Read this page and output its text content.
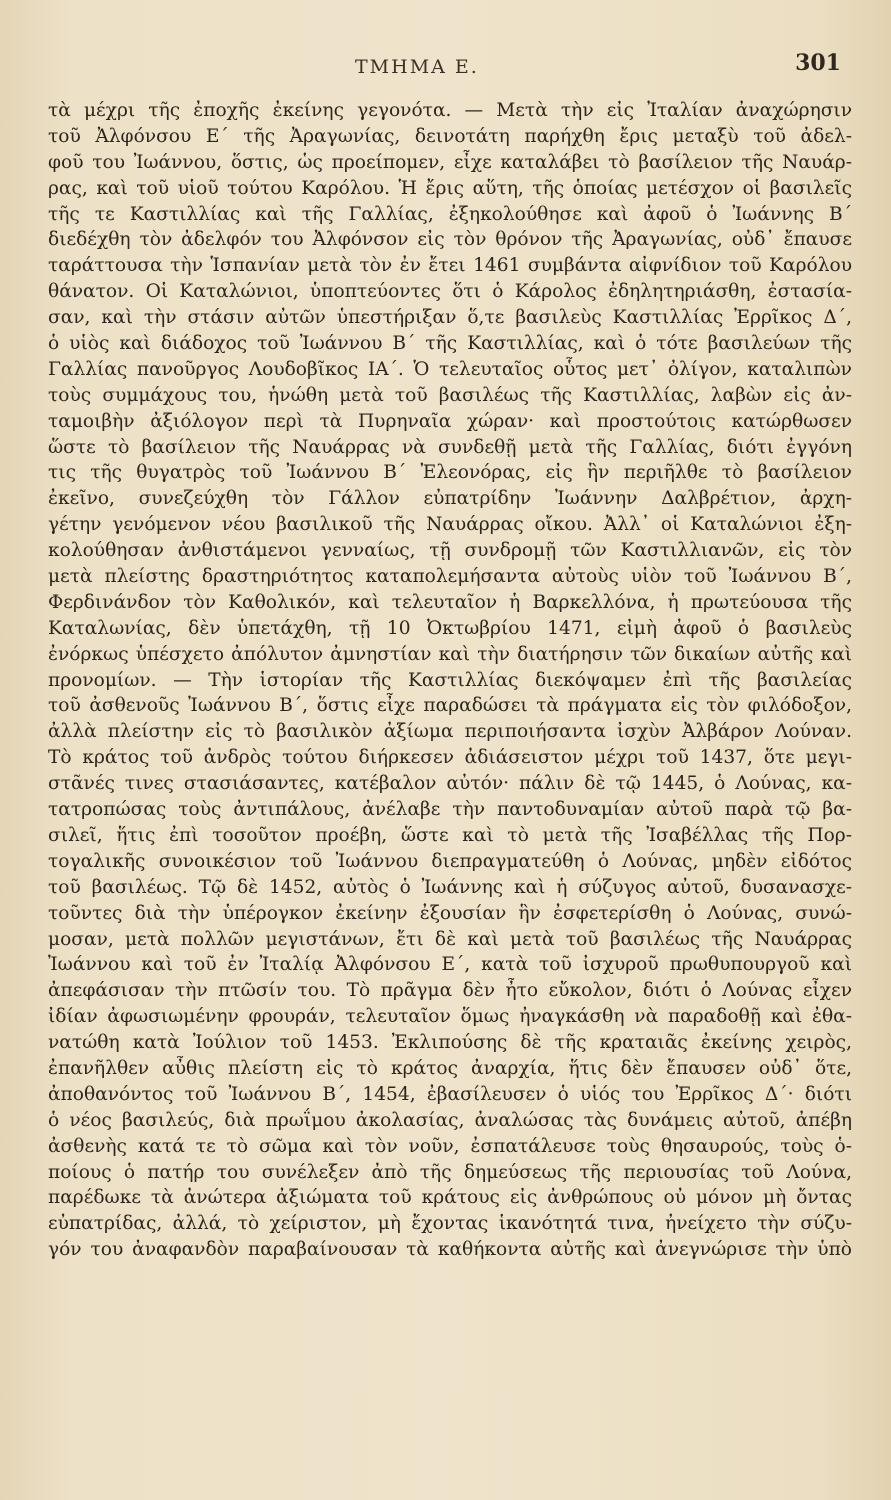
ΤΜΗΜΑ Ε.	301
τὰ μέχρι τῆς ἐποχῆς ἐκείνης γεγονότα. — Μετὰ τὴν εἰς Ἰταλίαν ἀναχώρησιν
τοῦ Ἀλφόνσου Ε΄ τῆς Ἀραγωνίας, δεινοτάτη παρήχθη ἔρις μεταξὺ τοῦ ἀδελ-
φοῦ του Ἰωάννου, ὅστις, ὡς προείπομεν, εἶχε καταλάβει τὸ βασίλειον τῆς Ναυάρ-
ρας, καὶ τοῦ υἱοῦ τούτου Καρόλου. Ἡ ἔρις αὕτη, τῆς ὁποίας μετέσχον οἱ βασιλεῖς
τῆς τε Καστιλλίας καὶ τῆς Γαλλίας, ἐξηκολούθησε καὶ ἀφοῦ ὁ Ἰωάννης Β΄
διεδέχθη τὸν ἀδελφόν του Ἀλφόνσον εἰς τὸν θρόνον τῆς Ἀραγωνίας, οὐδ᾽ ἔπαυσε
ταράττουσα τὴν Ἱσπανίαν μετὰ τὸν ἐν ἔτει 1461 συμβάντα αἰφνίδιον τοῦ Καρόλου
θάνατον. Οἱ Καταλώνιοι, ὑποπτεύοντες ὅτι ὁ Κάρολος ἐδηλητηριάσθη, ἐστασία-
σαν, καὶ τὴν στάσιν αὐτῶν ὑπεστήριξαν ὅ,τε βασιλεὺς Καστιλλίας Ἐρρῖκος Δ΄,
ὁ υἱὸς καὶ διάδοχος τοῦ Ἰωάννου Β΄ τῆς Καστιλλίας, καὶ ὁ τότε βασιλεύων τῆς
Γαλλίας πανοῦργος Λουδοβῖκος ΙΑ΄. Ὁ τελευταῖος οὗτος μετ᾽ ὀλίγον, καταλιπὼν
τοὺς συμμάχους του, ἡνώθη μετὰ τοῦ βασιλέως τῆς Καστιλλίας, λαβὼν εἰς ἀν-
ταμοιβὴν ἀξιόλογον περὶ τὰ Πυρηναῖα χώραν· καὶ προστούτοις κατώρθωσεν
ὥστε τὸ βασίλειον τῆς Ναυάρρας νὰ συνδεθῇ μετὰ τῆς Γαλλίας, διότι ἐγγόνη
τις τῆς θυγατρὸς τοῦ Ἰωάννου Β΄ Ἐλεονόρας, εἰς ἣν περιῆλθε τὸ βασίλειον
ἐκεῖνο, συνεζεύχθη τὸν Γάλλον εὐπατρίδην Ἰωάννην Δαλβρέτιον, ἀρχη-
γέτην γενόμενον νέου βασιλικοῦ τῆς Ναυάρρας οἴκου. Ἀλλ᾽ οἱ Καταλώνιοι ἐξη-
κολούθησαν ἀνθιστάμενοι γενναίως, τῇ συνδρομῇ τῶν Καστιλλιανῶν, εἰς τὸν
μετὰ πλείστης δραστηριότητος καταπολεμήσαντα αὐτοὺς υἱὸν τοῦ Ἰωάννου Β΄,
Φερδινάνδον τὸν Καθολικόν, καὶ τελευταῖον ἡ Βαρκελλόνα, ἡ πρωτεύουσα τῆς
Καταλωνίας, δὲν ὑπετάχθη, τῇ 10 Ὀκτωβρίου 1471, εἰμὴ ἀφοῦ ὁ βασιλεὺς
ἐνόρκως ὑπέσχετο ἀπόλυτον ἀμνηστίαν καὶ τὴν διατήρησιν τῶν δικαίων αὐτῆς καὶ
προνομίων. — Τὴν ἱστορίαν τῆς Καστιλλίας διεκόψαμεν ἐπὶ τῆς βασιλείας
τοῦ ἀσθενοῦς Ἰωάννου Β΄, ὅστις εἶχε παραδώσει τὰ πράγματα εἰς τὸν φιλόδοξον,
ἀλλὰ πλείστην εἰς τὸ βασιλικὸν ἀξίωμα περιποιήσαντα ἰσχὺν Ἀλβάρον Λούναν.
Τὸ κράτος τοῦ ἀνδρὸς τούτου διήρκεσεν ἀδιάσειστον μέχρι τοῦ 1437, ὅτε μεγι-
στᾶνές τινες στασιάσαντες, κατέβαλον αὐτόν· πάλιν δὲ τῷ 1445, ὁ Λούνας, κα-
τατροπώσας τοὺς ἀντιπάλους, ἀνέλαβε τὴν παντοδυναμίαν αὐτοῦ παρὰ τῷ βα-
σιλεῖ, ἥτις ἐπὶ τοσοῦτον προέβη, ὥστε καὶ τὸ μετὰ τῆς Ἰσαβέλλας τῆς Πορ-
τογαλικῆς συνοικέσιον τοῦ Ἰωάννου διεπραγματεύθη ὁ Λούνας, μηδὲν εἰδότος
τοῦ βασιλέως. Τῷ δὲ 1452, αὐτὸς ὁ Ἰωάννης καὶ ἡ σύζυγος αὐτοῦ, δυσανασχε-
τοῦντες διὰ τὴν ὑπέρογκον ἐκείνην ἐξουσίαν ἣν ἐσφετερίσθη ὁ Λούνας, συνώ-
μοσαν, μετὰ πολλῶν μεγιστάνων, ἔτι δὲ καὶ μετὰ τοῦ βασιλέως τῆς Ναυάρρας
Ἰωάννου καὶ τοῦ ἐν Ἰταλίᾳ Ἀλφόνσου Ε΄, κατὰ τοῦ ἰσχυροῦ πρωθυπουργοῦ καὶ
ἀπεφάσισαν τὴν πτῶσίν του. Τὸ πρᾶγμα δὲν ἦτο εὔκολον, διότι ὁ Λούνας εἶχεν
ἰδίαν ἀφωσιωμένην φρουράν, τελευταῖον ὅμως ἠναγκάσθη νὰ παραδοθῇ καὶ ἐθα-
νατώθη κατὰ Ἰούλιον τοῦ 1453. Ἐκλιπούσης δὲ τῆς κραταιᾶς ἐκείνης χειρὸς,
ἐπανῆλθεν αὖθις πλείστη εἰς τὸ κράτος ἀναρχία, ἥτις δὲν ἔπαυσεν οὐδ᾽ ὅτε,
ἀποθανόντος τοῦ Ἰωάννου Β΄, 1454, ἐβασίλευσεν ὁ υἱός του Ἐρρῖκος Δ΄· διότι
ὁ νέος βασιλεύς, διὰ πρωΐμου ἀκολασίας, ἀναλώσας τὰς δυνάμεις αὐτοῦ, ἀπέβη
ἀσθενὴς κατά τε τὸ σῶμα καὶ τὸν νοῦν, ἐσπατάλευσε τοὺς θησαυρούς, τοὺς ὁ-
ποίους ὁ πατήρ του συνέλεξεν ἀπὸ τῆς δημεύσεως τῆς περιουσίας τοῦ Λούνα,
παρέδωκε τὰ ἀνώτερα ἀξιώματα τοῦ κράτους εἰς ἀνθρώπους οὐ μόνον μὴ ὄντας
εὐπατρίδας, ἀλλά, τὸ χείριστον, μὴ ἔχοντας ἱκανότητά τινα, ἠνείχετο τὴν σύζυ-
γόν του ἀναφανδὸν παραβαίνουσαν τὰ καθήκοντα αὐτῆς καὶ ἀνεγνώρισε τὴν ὑπὸ
